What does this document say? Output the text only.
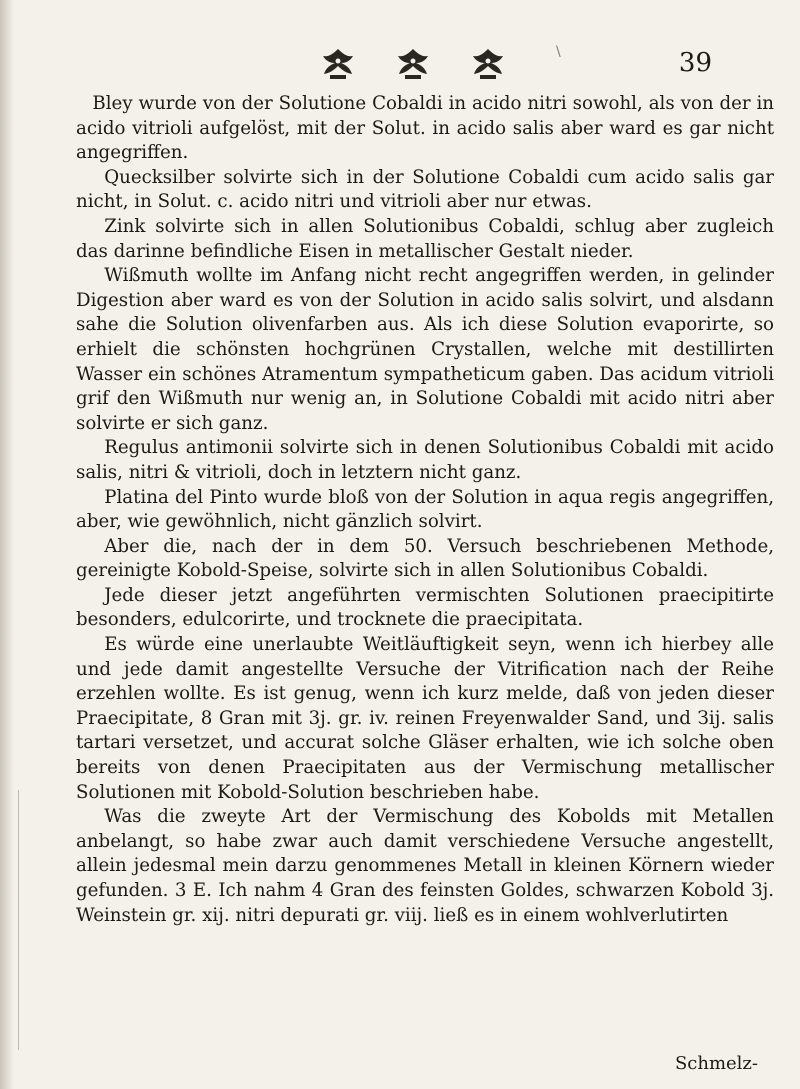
39
\

Bley wurde von der Solutione Cobaldi in acido nitri sowohl, als von der in acido vitrioli aufgelöst, mit der Solut. in acido salis aber ward es gar nicht angegriffen.

Quecksilber solvirte sich in der Solutione Cobaldi cum acido salis gar nicht, in Solut. c. acido nitri und vitrioli aber nur etwas.

Zink solvirte sich in allen Solutionibus Cobaldi, schlug aber zugleich das darinne befindliche Eisen in metallischer Gestalt nieder.

Wißmuth wollte im Anfang nicht recht angegriffen werden, in gelinder Digestion aber ward es von der Solution in acido salis solvirt, und alsdann sahe die Solution olivenfarben aus. Als ich diese Solution evaporirte, so erhielt die schönsten hochgrünen Crystallen, welche mit destillirten Wasser ein schönes Atramentum sympatheticum gaben. Das acidum vitrioli grif den Wißmuth nur wenig an, in Solutione Cobaldi mit acido nitri aber solvirte er sich ganz.

Regulus antimonii solvirte sich in denen Solutionibus Cobaldi mit acido salis, nitri & vitrioli, doch in letztern nicht ganz.

Platina del Pinto wurde bloß von der Solution in aqua regis angegriffen, aber, wie gewöhnlich, nicht gänzlich solvirt.

Aber die, nach der in dem 50. Versuch beschriebenen Methode, gereinigte Kobold-Speise, solvirte sich in allen Solutionibus Cobaldi.

Jede dieser jetzt angeführten vermischten Solutionen praecipitirte besonders, edulcorirte, und trocknete die praecipitata.

Es würde eine unerlaubte Weitläuftigkeit seyn, wenn ich hierbey alle und jede damit angestellte Versuche der Vitrification nach der Reihe erzehlen wollte. Es ist genug, wenn ich kurz melde, daß von jeden dieser Praecipitate, 8 Gran mit 3j. gr. iv. reinen Freyenwalder Sand, und Зij. salis tartari versetzet, und accurat solche Gläser erhalten, wie ich solche oben bereits von denen Praecipitaten aus der Vermischung metallischer Solutionen mit Kobold-Solution beschrieben habe.

Was die zweyte Art der Vermischung des Kobolds mit Metallen anbelangt, so habe zwar auch damit verschiedene Versuche angestellt, allein jedesmal mein darzu genommenes Metall in kleinen Körnern wieder gefunden. 3 E. Ich nahm 4 Gran des feinsten Goldes, schwarzen Kobold Зj. Weinstein gr. xij. nitri depurati gr. viij. ließ es in einem wohlverlutirten

Schmelz-
